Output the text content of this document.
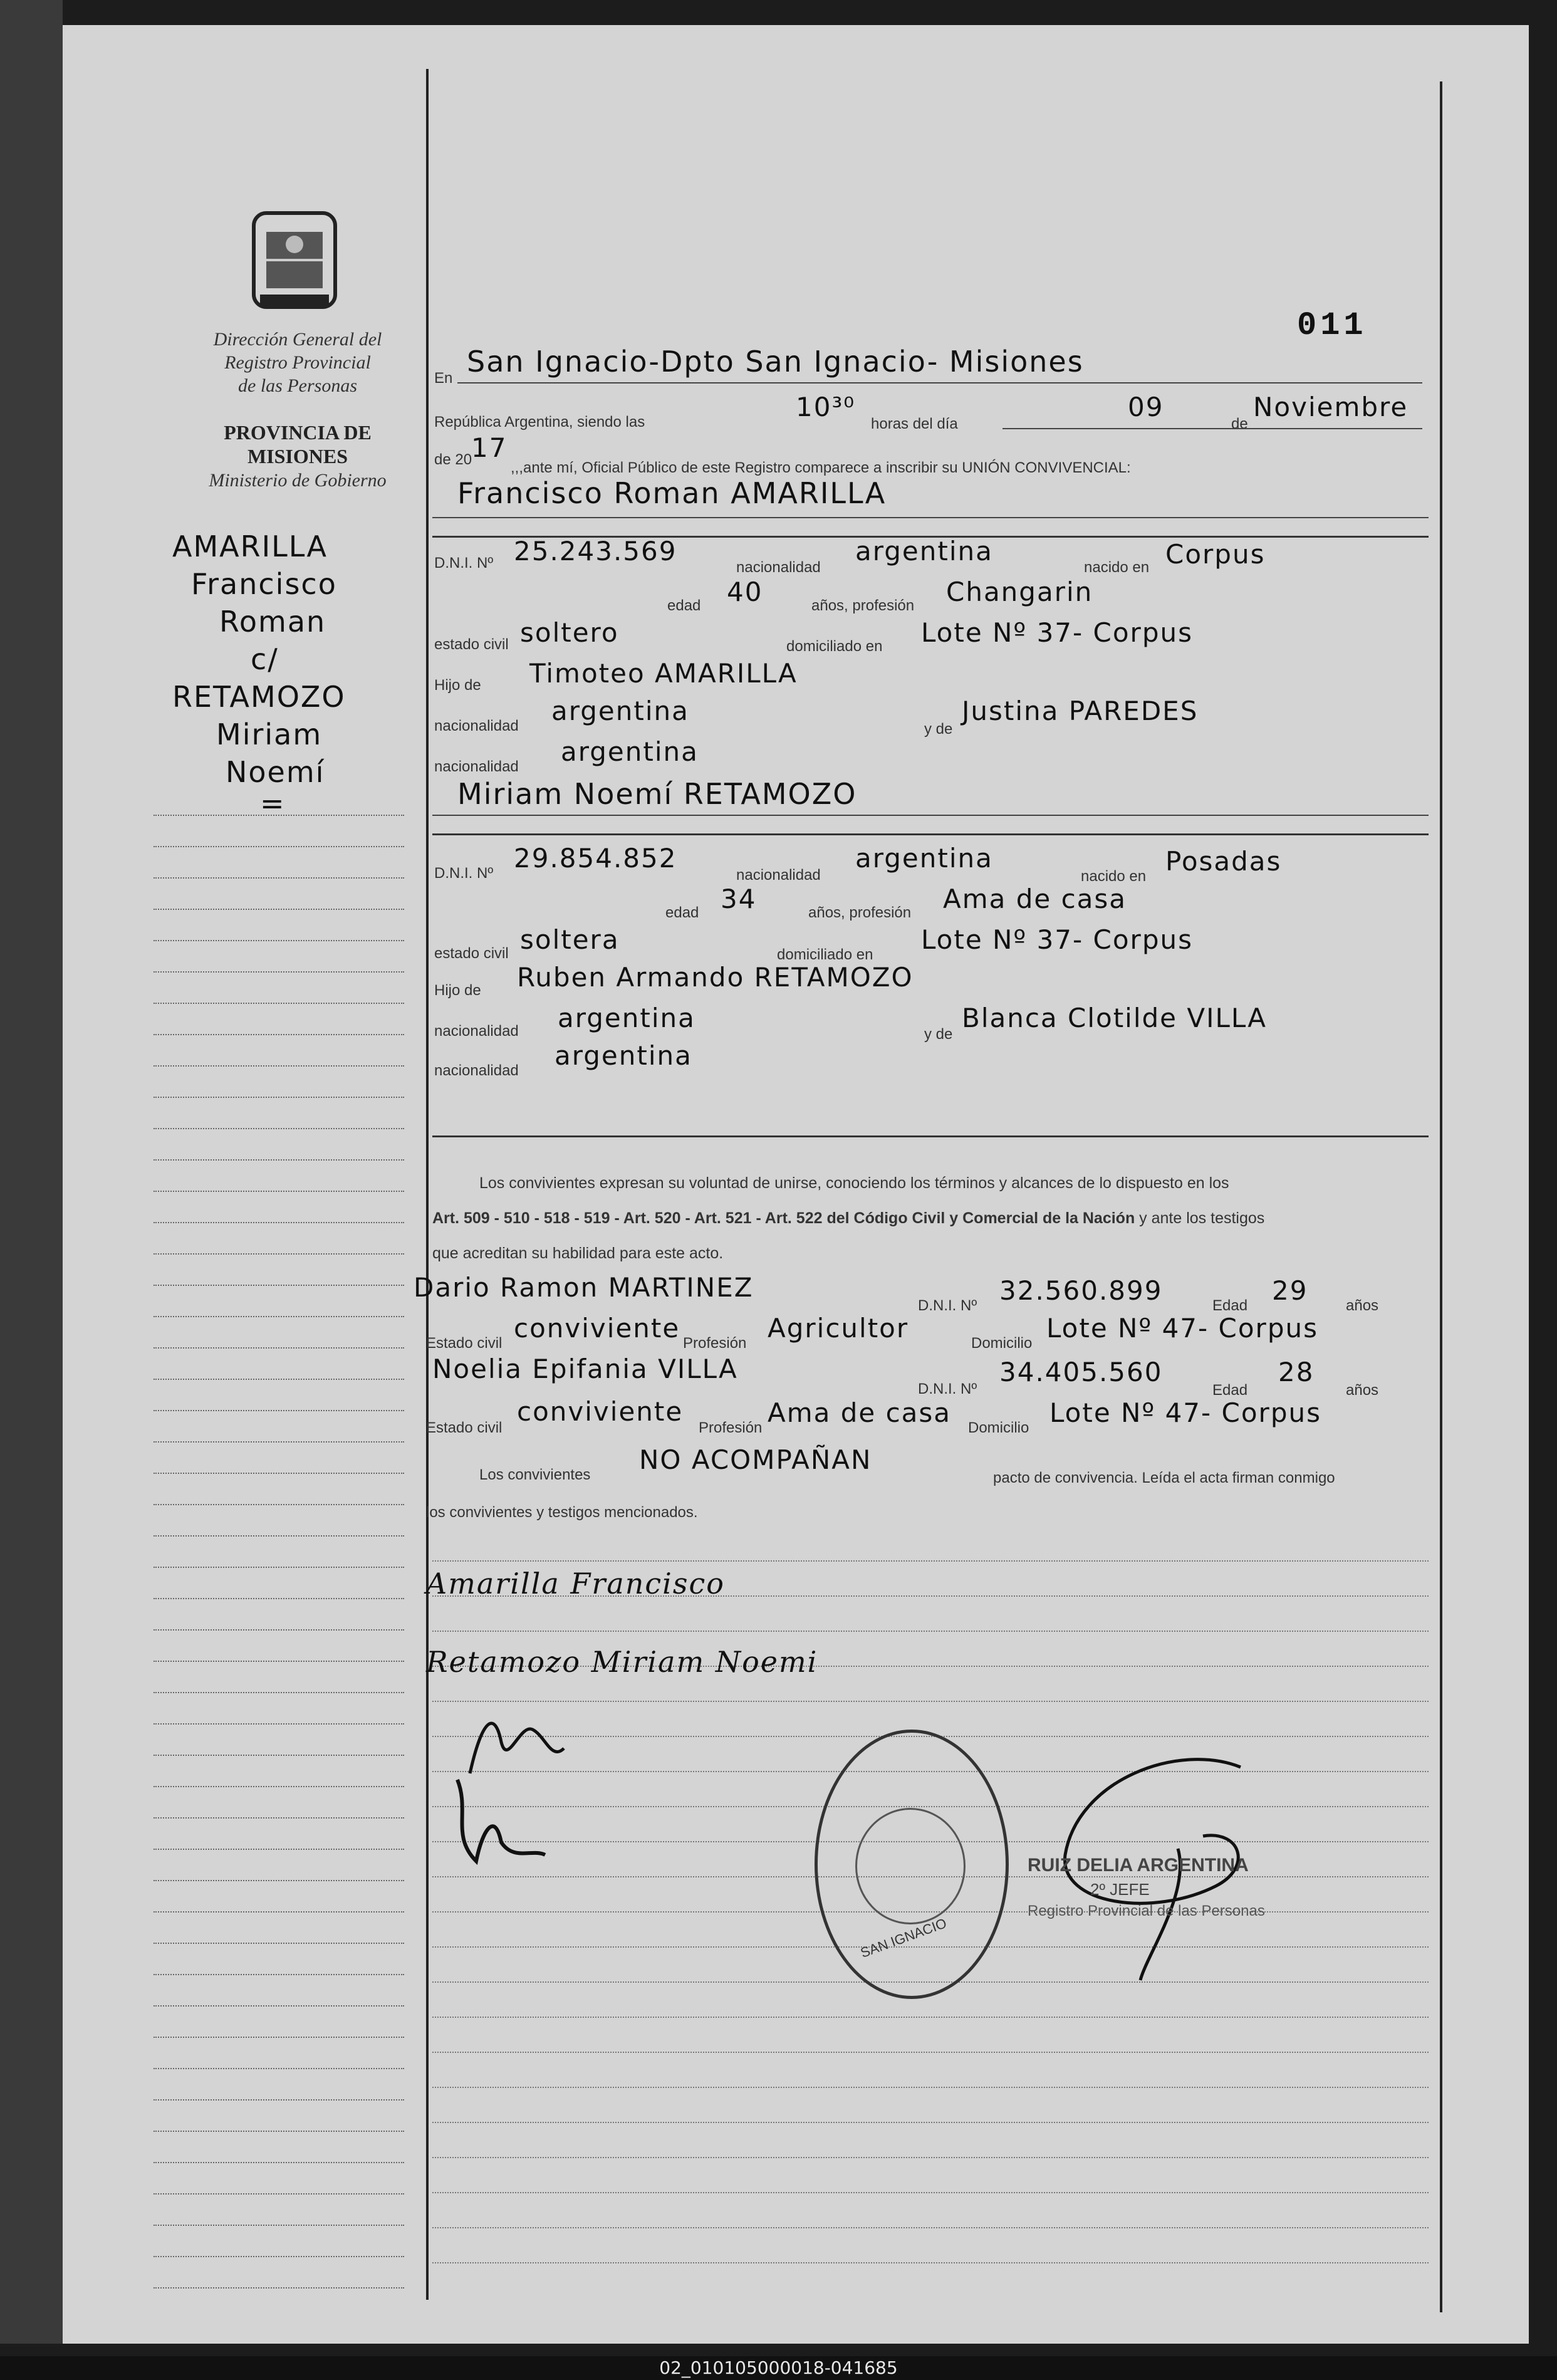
011
Dirección General del
Registro Provincial
de las Personas
PROVINCIA DE
MISIONES
Ministerio de Gobierno
AMARILLA
Francisco
Roman
c/
RETAMOZO
Miriam
Noemí
=
En San Ignacio-Dpto San Ignacio- Misiones
República Argentina, siendo las	10³⁰
horas del día
09
de
Noviembre
de 20
17
,,,ante mí, Oficial Público de este Registro comparece a inscribir su UNIÓN CONVIVENCIAL:
Francisco Roman AMARILLA
D.N.I. Nº 25.243.569
nacionalidad
argentina
nacido en Corpus
edad 40	años, profesión Changarin
estado civil soltero	domiciliado en Lote Nº 37- Corpus
Hijo de Timoteo AMARILLA
nacionalidad argentina
y de
Justina PAREDES
nacionalidad argentina
Miriam Noemí RETAMOZO
D.N.I. Nº 29.854.852
nacionalidad
argentina
nacido en Posadas
edad 34	años, profesión Ama de casa
estado civil soltera	domiciliado en Lote Nº 37- Corpus
Hijo de Ruben Armando RETAMOZO
nacionalidad argentina
y de
Blanca Clotilde VILLA
nacionalidad argentina
Los convivientes expresan su voluntad de unirse, conociendo los términos y alcances de lo dispuesto en los
Art. 509 - 510 - 518 - 519 - Art. 520 - Art. 521 - Art. 522 del Código Civil y Comercial de la Nación y ante los testigos
que acreditan su habilidad para este acto.
Dario Ramon MARTINEZ
D.N.I. Nº 32.560.899	Edad 29	años
Estado civil conviviente Profesión Agricultor	Domicilio Lote Nº 47- Corpus
Noelia Epifania VILLA
D.N.I. Nº
34.405.560
Edad
28
años
Estado civil
conviviente
Profesión Ama de casa Domicilio Lote Nº 47- Corpus
Los convivientes NO ACOMPAÑAN
pacto de convivencia. Leída el acta firman conmigo
los convivientes y testigos mencionados.
Amarilla Francisco
Retamozo Miriam Noemi
SAN IGNACIO
RUIZ DELIA ARGENTINA
2º JEFE
Registro Provincial de las Personas
02_010105000018-041685
